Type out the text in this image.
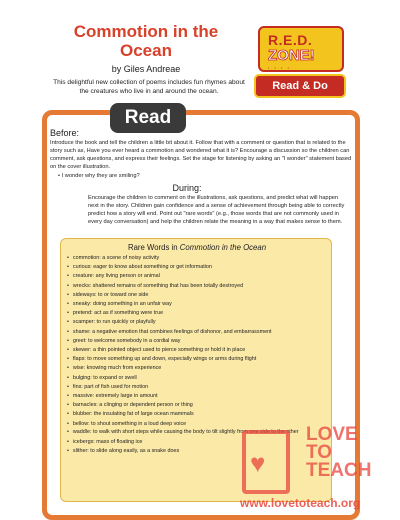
Commotion in the Ocean
by Giles Andreae
This delightful new collection of poems includes fun rhymes about the creatures who live in and around the ocean.
R.E.D.
ZONE!
• • • •
Read & Do
Read
Before:
Introduce the book and tell the children a little bit about it. Follow that with a comment or question that is related to the story such as, Have you ever heard a commotion and wondered what it is? Encourage a discussion so the children can comment, ask questions, and express their feelings. Set the stage for listening by asking an "I wonder" statement based on the cover illustration.
• I wonder why they are smiling?
During:
Encourage the children to comment on the illustrations, ask questions, and predict what will happen next in the story. Children gain confidence and a sense of achievement through being able to correctly predict how a story will end. Point out "rare words" (e.g., those words that are not commonly used in every day conversation) and help the children relate the meaning in a way that makes sense to them.
Rare Words in Commotion in the Ocean
• commotion: a scene of noisy activity
• curious: eager to know about something or get information
• creature: any living person or animal
• wrecks: shattered remains of something that has been totally destroyed
• sideways: to or toward one side
• sneaky: doing something in an unfair way
• pretend: act as if something were true
• scamper: to run quickly or playfully
• shame: a negative emotion that combines feelings of dishonor, and embarrassment
• greet: to welcome somebody in a cordial way
• skewer: a thin pointed object used to pierce something or hold it in place
• flaps: to move something up and down, especially wings or arms during flight
• wise: knowing much from experience
• bulging: to expand or swell
• fins: part of fish used for motion
• massive: extremely large in amount
• barnacles: a clinging or dependent person or thing
• blubber: the insulating fat of large ocean mammals
• bellow: to shout something in a loud deep voice
• waddle: to walk with short steps while causing the body to tilt slightly from one side to the other
• icebergs: mass of floating ice
• slither: to slide along easily, as a snake does	♥
LOVE
TO
TEACH
www.lovetoteach.org
